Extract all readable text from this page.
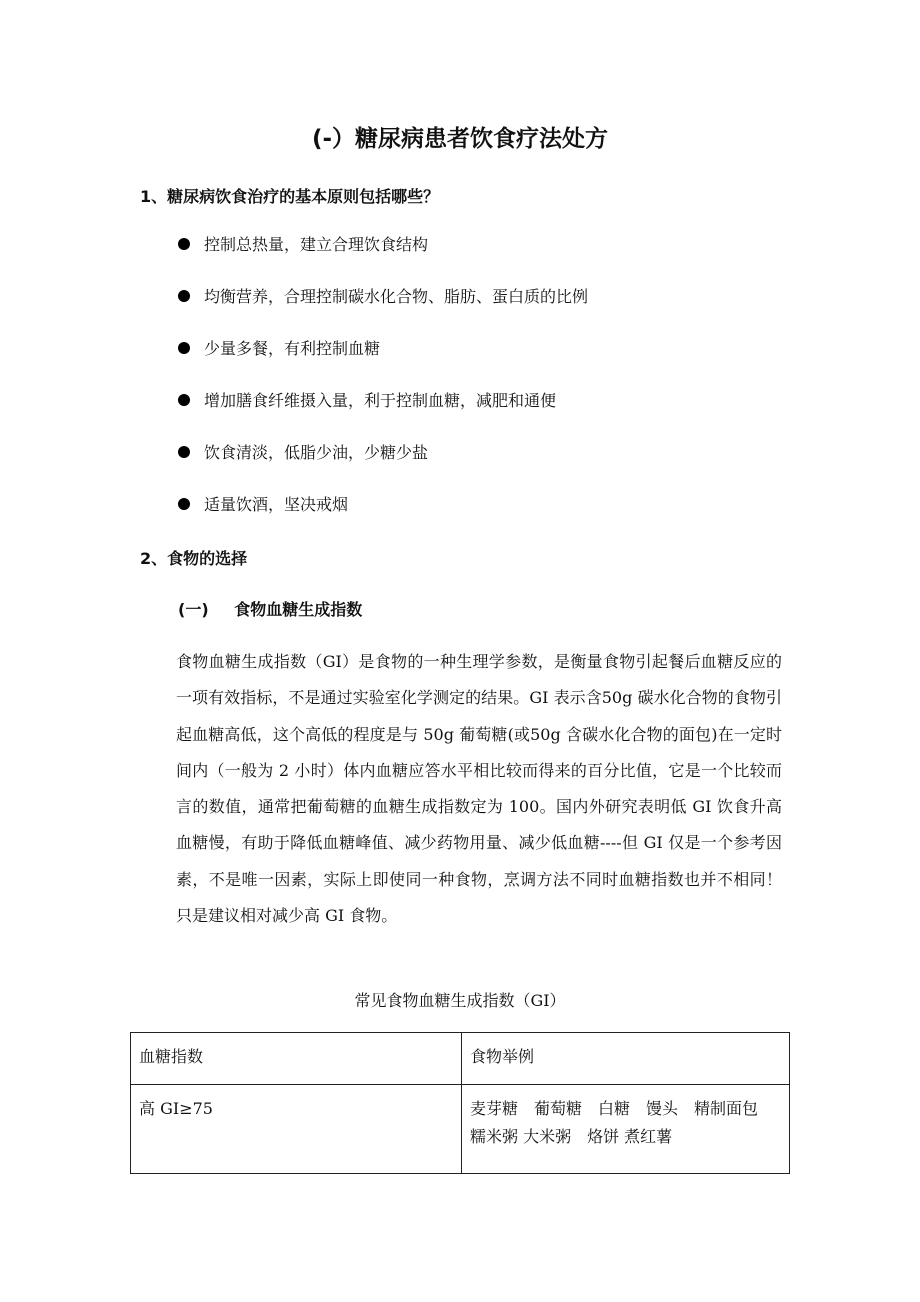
(-）糖尿病患者饮食疗法处方
1、糖尿病饮食治疗的基本原则包括哪些？
控制总热量，建立合理饮食结构
均衡营养，合理控制碳水化合物、脂肪、蛋白质的比例
少量多餐，有利控制血糖
增加膳食纤维摄入量，利于控制血糖，减肥和通便
饮食清淡，低脂少油，少糖少盐
适量饮酒，坚决戒烟
2、食物的选择
(一) 食物血糖生成指数
食物血糖生成指数（GI）是食物的一种生理学参数，是衡量食物引起餐后血糖反应的一项有效指标，不是通过实验室化学测定的结果。GI 表示含50g 碳水化合物的食物引起血糖高低，这个高低的程度是与 50g 葡萄糖(或50g 含碳水化合物的面包)在一定时间内（一般为 2 小时）体内血糖应答水平相比较而得来的百分比值，它是一个比较而言的数值，通常把葡萄糖的血糖生成指数定为 100。国内外研究表明低 GI 饮食升高血糖慢，有助于降低血糖峰值、减少药物用量、减少低血糖----但 GI 仅是一个参考因素，不是唯一因素，实际上即使同一种食物，烹调方法不同时血糖指数也并不相同！只是建议相对减少高 GI 食物。
常见食物血糖生成指数（GI）
血糖指数	食物举例
高 GI≥75	麦芽糖　葡萄糖　白糖　馒头　精制面包　糯米粥 大米粥　烙饼 煮红薯
